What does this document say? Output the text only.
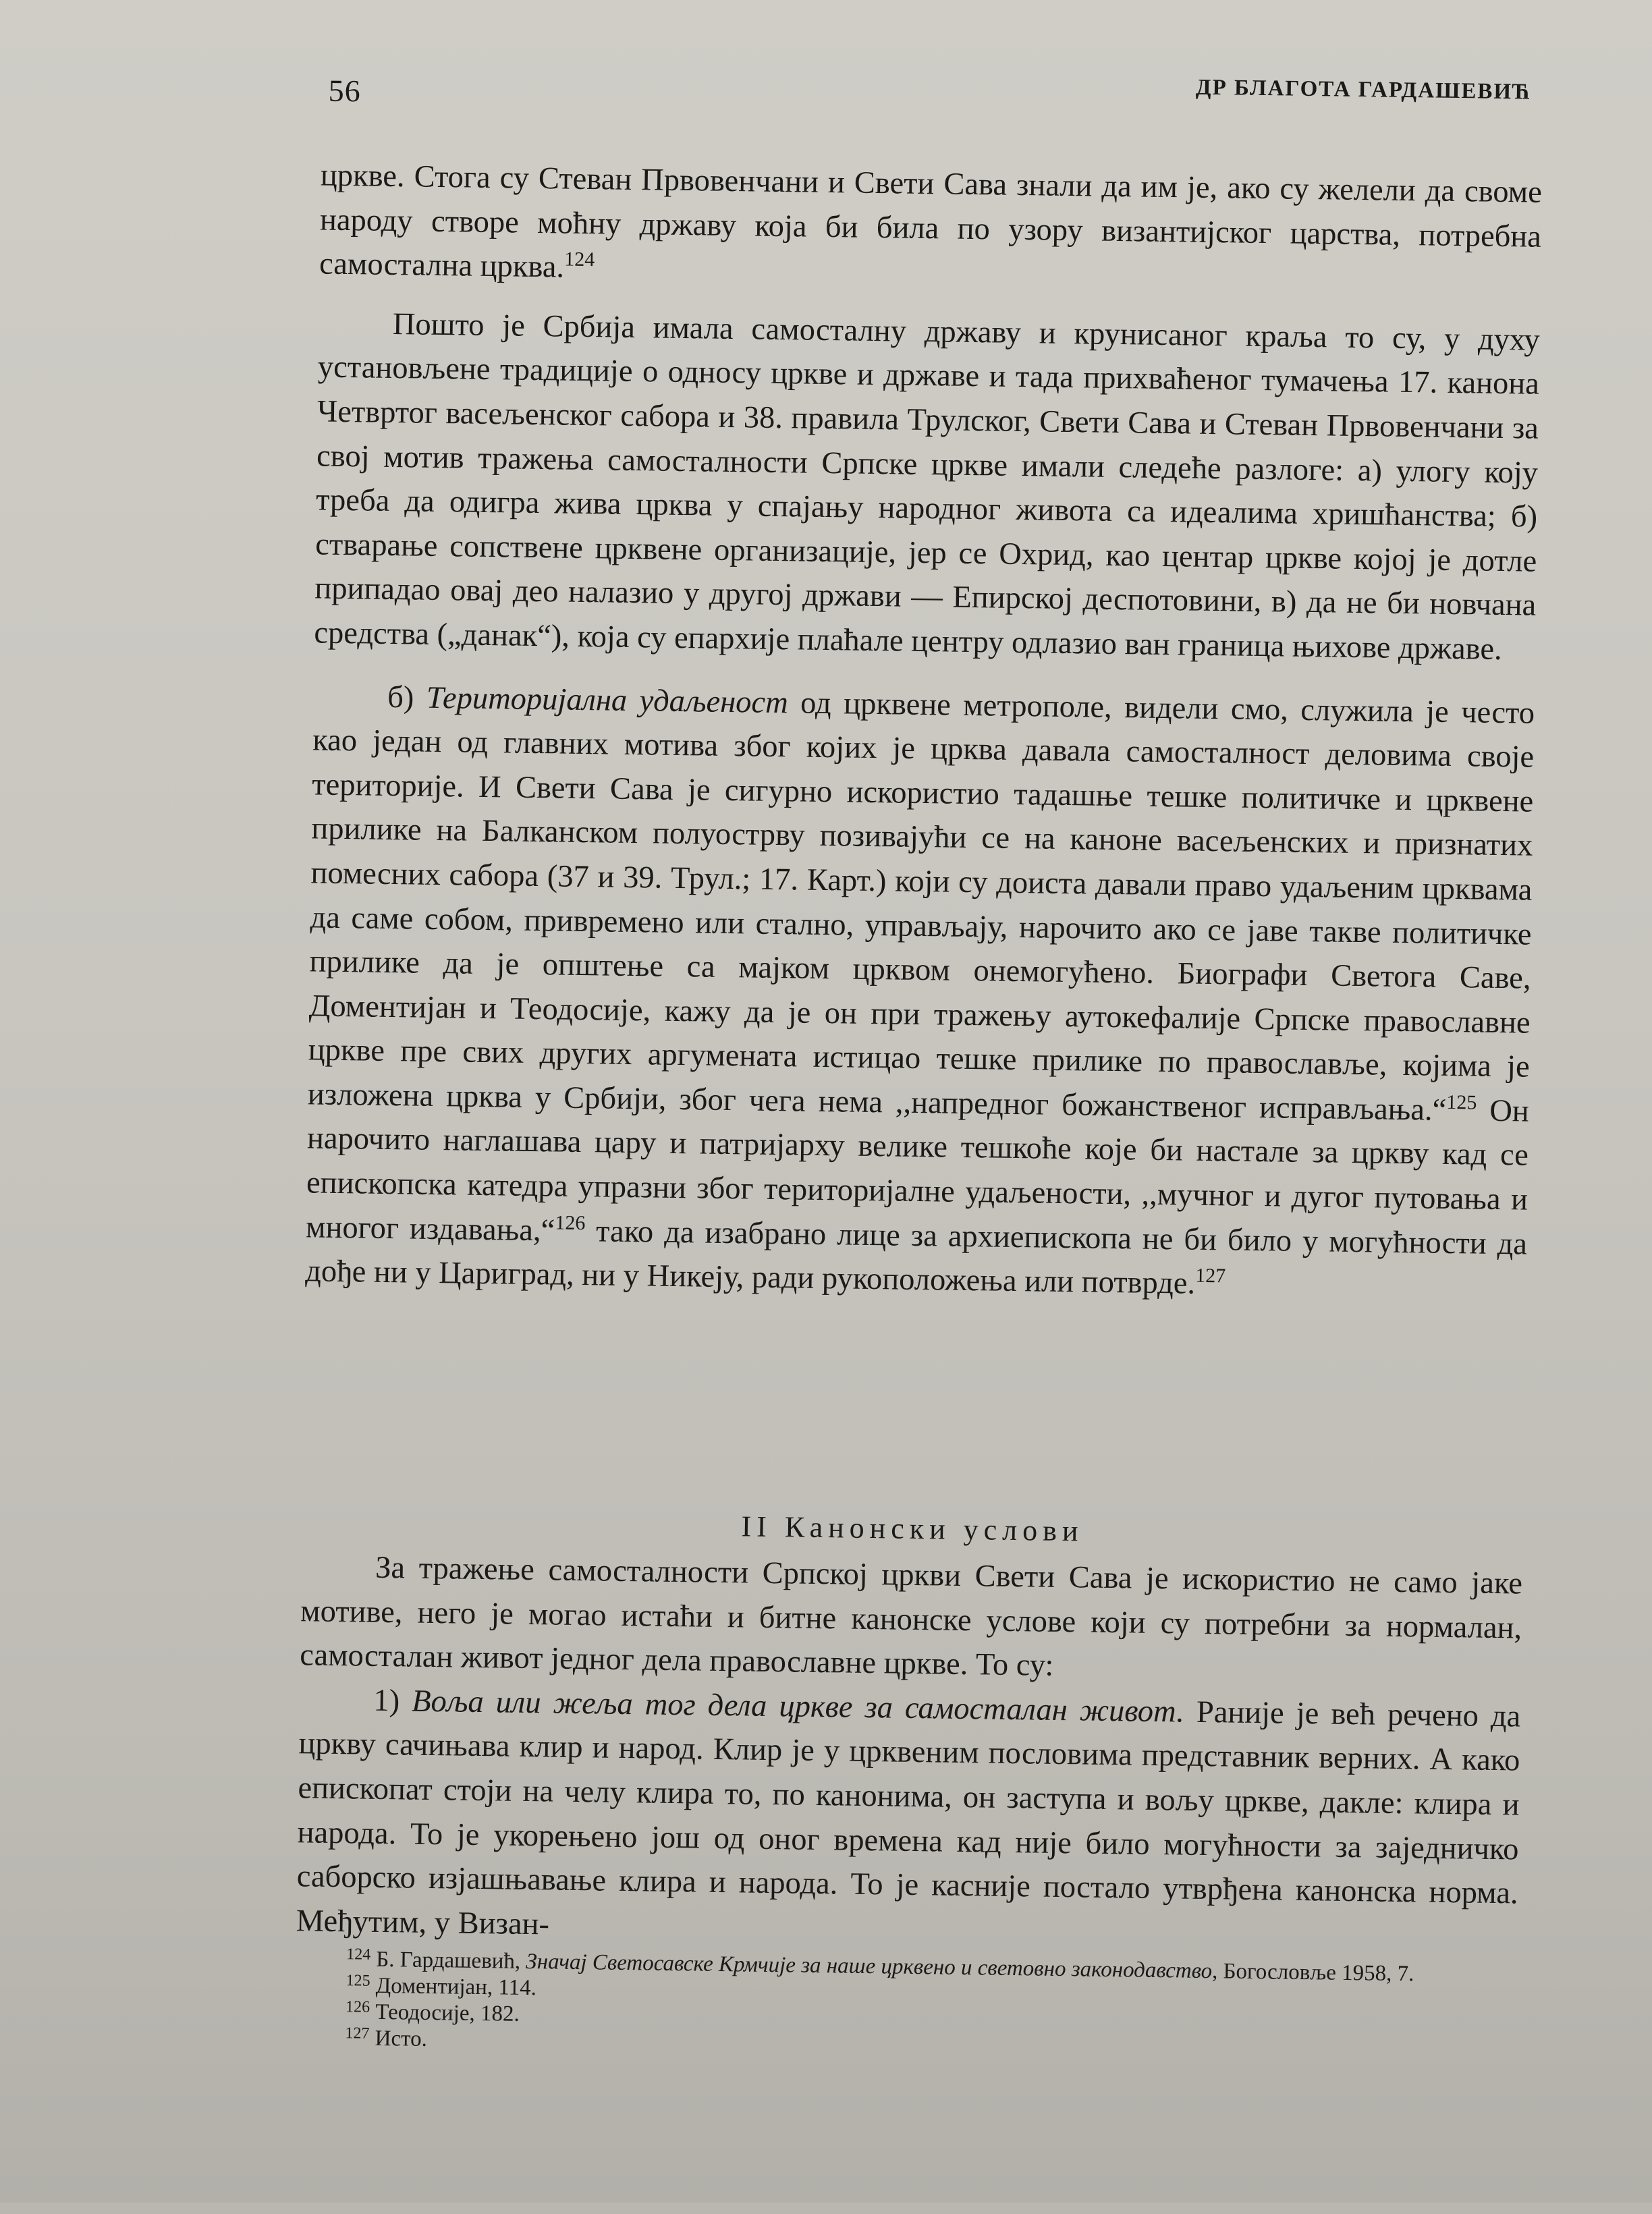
56	ДР БЛАГОТА ГАРДАШЕВИЋ

цркве. Стога су Стеван Првовенчани и Свети Сава знали да им је, ако су желели да своме народу створе моћну државу која би била по узору византијског царства, потребна самостална црква.$^{124}$

Пошто је Србија имала самосталну државу и крунисаног краља то су, у духу установљене традиције о односу цркве и државе и тада прихваћеног тумачења 17. канона Четвртог васељенског сабора и 38. правила Трулског, Свети Сава и Стеван Првовенчани за свој мотив тражења самосталности Српске цркве имали следеће разлоге: а) улогу коју треба да одигра жива црква у спајању народног живота са идеалима хришћанства; б) стварање сопствене црквене организације, јер се Охрид, као центар цркве којој је дотле припадао овај део налазио у другој држави — Епирској деспотовини, в) да не би новчана средства („данак“), која су епархије плаћале центру одлазио ван граница њихове државе.

б) Територијална удаљеност од црквене метрополе, видели смо, служила је често као један од главних мотива због којих је црква давала самосталност деловима своје територије. И Свети Сава је сигурно искористио тадашње тешке политичке и црквене прилике на Балканском полуострву позивајући се на каноне васељенских и признатих помесних сабора (37 и 39. Трул.; 17. Карт.) који су доиста давали право удаљеним црквама да саме собом, привремено или стално, управљају, нарочито ако се јаве такве политичке прилике да је општење са мајком црквом онемогућено. Биографи Светога Саве, Доментијан и Теодосије, кажу да је он при тражењу аутокефалије Српске православне цркве пре свих других аргумената истицао тешке прилике по православље, којима је изложена црква у Србији, због чега нема ,,напредног божанственог исправљања.“$^{125}$ Он нарочито наглашава цару и патријарху велике тешкоће које би настале за цркву кад се епископска катедра упразни због територијалне удаљености, ,,мучног и дугог путовања и многог издавања,“$^{126}$ тако да изабрано лице за архиепископа не би било у могућности да дође ни у Цариград, ни у Никеју, ради рукоположења или потврде.$^{127}$

II Канонски услови

За тражење самосталности Српској цркви Свети Сава је искористио не само јаке мотиве, него је могао истаћи и битне канонске услове који су потребни за нормалан, самосталан живот једног дела православне цркве. То су:

1) Воља или жеља тог дела цркве за самосталан живот. Раније је већ речено да цркву сачињава клир и народ. Клир је у црквеним пословима представник верних. А како епископат стоји на челу клира то, по канонима, он заступа и вољу цркве, дакле: клира и народа. То је укорењено још од оног времена кад није било могућности за заједничко саборско изјашњавање клира и народа. То је касније постало утврђена канонска норма. Међутим, у Визан-

$^{124}$ Б. Гардашевић, Значај Светосавске Крмчије за наше црквено и световно законодавство, Богословље 1958, 7.
$^{125}$ Доментијан, 114.
$^{126}$ Теодосије, 182.
$^{127}$ Исто.
